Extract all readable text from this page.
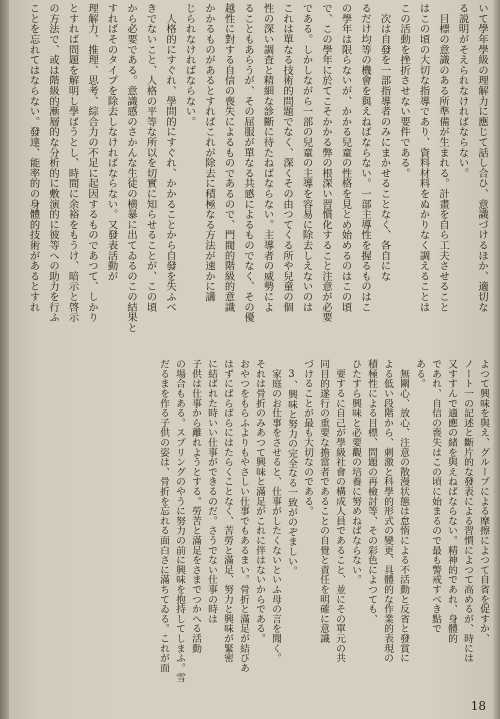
いて學年學級の理解力に應じて話し合ひ、意識づけるほか、適切な
る説明がそえられなければならない。
　目標の意識のある所準備が生まれる。計畫を自ら工夫させること
はこの頃の大切な指導であり、資料材料をぬかりなく調えることは
この活動を挫折させない要件である。
　次は自發を一部指導者のみにまかせることなく、各自にな
るだけ均等の機會を與えねばならない。一部主導性を握るものはこ
の學年は限らないが、かかる兒童の性格を見とめ始めるのはこの頃
で、この學年に於てこそかかる弊の根深い習慣化すること注意が必要
である。しかしながら一部の兒童の主導を容易に除去しえないのは
これは單なる技術的問題でなく、深くその由つてくる所や兒童の個
性の深い調査と精細な診斷に待たねばならない。主導者の威勢によ
ることもあらうが、その屈服が單なる共感によるものでなく、その優
越性に對する自信の喪失によるものであるので、門閥的階級的意識
かかるものがあるとすればこれが除去に積極なる方法が速かに講
じられなければならない。
　人格的にすぐれ、學問的にすぐれ、かかることから自發を失ふべ
きでないこと、人格の平等な所以を切實に知らせることが、この頃
から必要である。意識感のさかんな生徒の横暴に出てゐるのこの結果と
すればそのタイプを除去しなければならない。又發表活動が
理解力、推理、思考、綜合力の不足に起因するものであつて、しかり
とすれば問題を解明し學ばうとし、時間に余裕をもうけ、暗示と啓示
の方法で、或は階級的漸層的な分析的に敷演的に彼等への助力を行ふ
ことを忘れてはならない。發達、能率的の身體的技術があるとすれ
よつて興味を與え、グループによる摩擦によつて自省を促すか、
ノート一の記述と斷片的な發表による習慣によつて高めるが、時には
又すすんで適應の緒を與えねばならない。精神的であれ、身體的
であれ、自信の喪失はこの頃に始まるので最も警戒すべき點で
ある。
　無關心、放心、注意の散漫状態は怠惰による不活動と反省と發賞に
よる低い段階から、刺激と科學的形式の變更、具體的な作業的表現の
積極性による目標、問題の再檢討等、その彩色によつても、
ひたすら興味と必要觀の培養に努めねばならない。
　要するに自己が學級社會の構成人員であること、並にその單元の共
同目的遂行の重要な擔當者であることの自覺と責任を明確に意識
づけることが最も大切なのである。
　3、興味と努力の完全なる一致がのぞましい。
　家庭のお仕事をさせると、仕事がしたくないといふ母の言を聞く。
それは骨折のみあつて興味と滿足がこれに伴はないからである。
おやつをもらふよりもやさしい仕事でもあるまい。骨折と滿足が結びあ
はずにばらばらにはたらくことなく、苦勞と滿足、努力と興味が緊密
に結ばれた時いい仕事ができるのだ。さうでない仕事の時は
子供は仕事から離れようとする。勞苦と滿足をさまでつかへる活動
の場合もある。スプリングのやうに努力の前に興味を抱持してしまふ。雪
だるまを作る子供の姿は、骨折を忘れる面白さに滿ちてゐる。これが面
18
